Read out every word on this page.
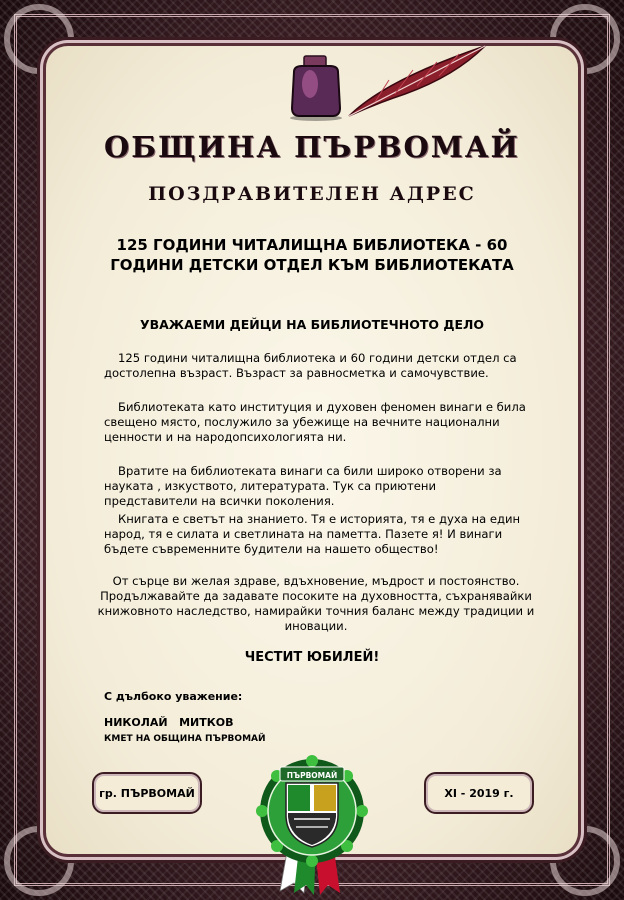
ОБЩИНА ПЪРВОМАЙ
ПОЗДРАВИТЕЛЕН АДРЕС
125 ГОДИНИ ЧИТАЛИЩНА БИБЛИОТЕКА - 60 ГОДИНИ ДЕТСКИ ОТДЕЛ КЪМ БИБЛИОТЕКАТА
УВАЖАЕМИ ДЕЙЦИ НА БИБЛИОТЕЧНОТО ДЕЛО
125 години читалищна библиотека и 60 години детски отдел са достолепна възраст. Възраст за равносметка и самочувствие.
Библиотеката като институция и духовен феномен винаги е била свещено място, послужило за убежище на вечните национални ценности и на народопсихологията ни.
Вратите на библиотеката винаги са били широко отворени за науката , изкуството, литературата. Тук са приютени представители на всички поколения.
Книгата е светът на знанието. Тя е историята, тя е духа на един народ, тя е силата и светлината на паметта. Пазете я! И винаги бъдете съвременните будители на нашето общество!
От сърце ви желая здраве, вдъхновение, мъдрост и постоянство. Продължавайте да задавате посоките на духовността, съхранявайки книжовното наследство, намирайки точния баланс между традиции и иновации.
ЧЕСТИТ ЮБИЛЕЙ!
С дълбоко уважение:
НИКОЛАЙ   МИТКОВ
КМЕТ НА ОБЩИНА ПЪРВОМАЙ
гр. ПЪРВОМАЙ	XI - 2019 г.
ПЪРВОМАЙ
